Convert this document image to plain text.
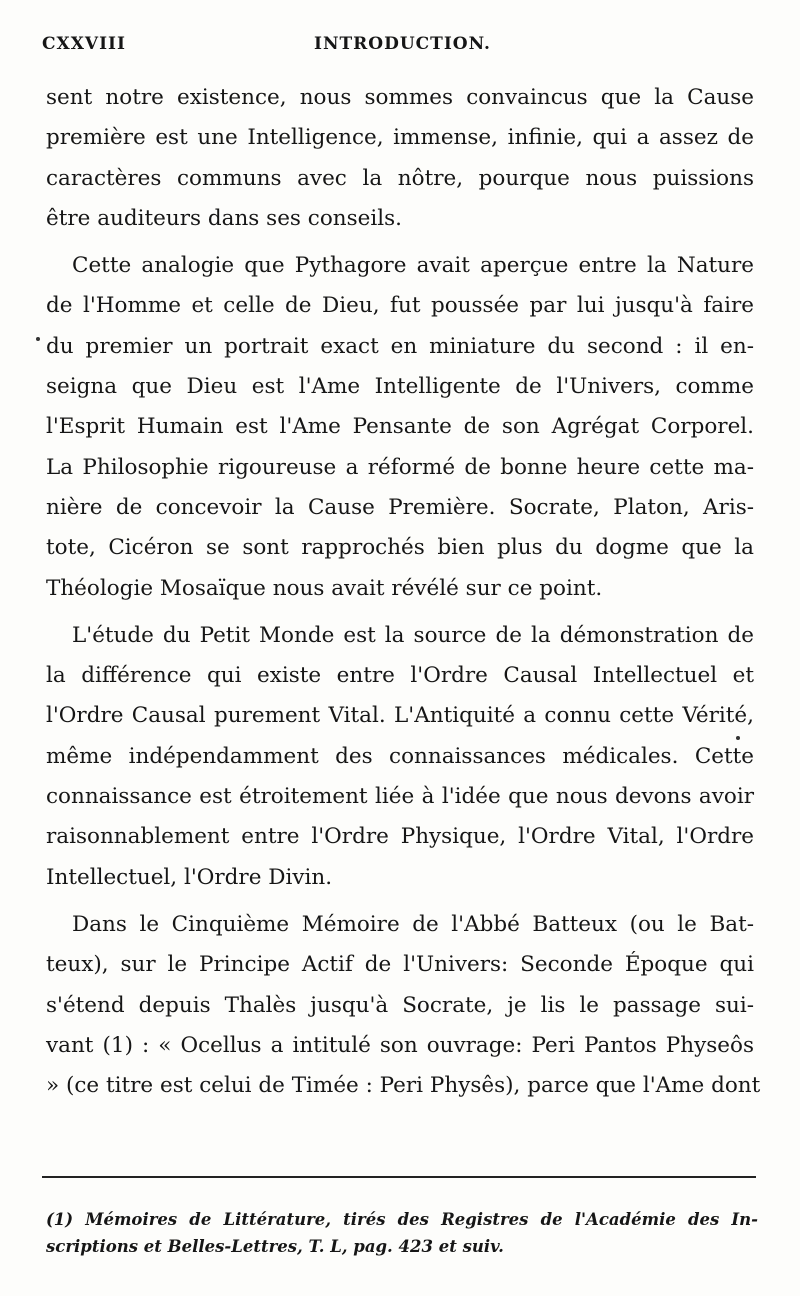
CXXVIII	INTRODUCTION.
sent notre existence, nous sommes convaincus que la Cause
première est une Intelligence, immense, infinie, qui a assez de
caractères communs avec la nôtre, pourque nous puissions
être auditeurs dans ses conseils.
Cette analogie que Pythagore avait aperçue entre la Nature
de l'Homme et celle de Dieu, fut poussée par lui jusqu'à faire
du premier un portrait exact en miniature du second : il en-
seigna que Dieu est l'Ame Intelligente de l'Univers, comme
l'Esprit Humain est l'Ame Pensante de son Agrégat Corporel.
La Philosophie rigoureuse a réformé de bonne heure cette ma-
nière de concevoir la Cause Première. Socrate, Platon, Aris-
tote, Cicéron se sont rapprochés bien plus du dogme que la
Théologie Mosaïque nous avait révélé sur ce point.
L'étude du Petit Monde est la source de la démonstration de
la différence qui existe entre l'Ordre Causal Intellectuel et
l'Ordre Causal purement Vital. L'Antiquité a connu cette Vérité,
même indépendamment des connaissances médicales. Cette
connaissance est étroitement liée à l'idée que nous devons avoir
raisonnablement entre l'Ordre Physique, l'Ordre Vital, l'Ordre
Intellectuel, l'Ordre Divin.
Dans le Cinquième Mémoire de l'Abbé Batteux (ou le Bat-
teux), sur le Principe Actif de l'Univers: Seconde Époque qui
s'étend depuis Thalès jusqu'à Socrate, je lis le passage sui-
vant (1) : « Ocellus a intitulé son ouvrage: Peri Pantos Physeôs
» (ce titre est celui de Timée : Peri Physês), parce que l'Ame dont
(1) Mémoires de Littérature, tirés des Registres de l'Académie des In-
scriptions et Belles-Lettres, T. L, pag. 423 et suiv.
